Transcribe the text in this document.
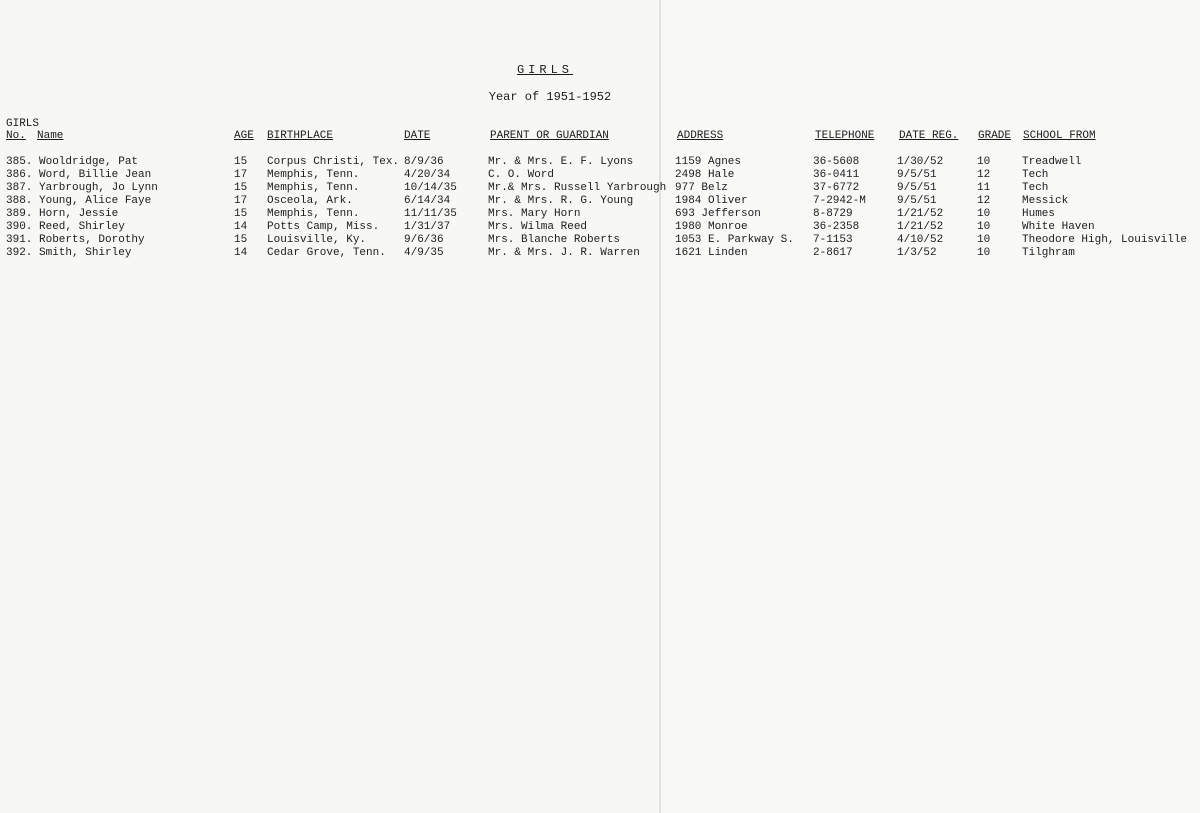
GIRLS
Year of 1951-1952
GIRLS
No. Name	AGE BIRTHPLACE	DATE	PARENT OR GUARDIAN	ADDRESS	TELEPHONE DATE REG. GRADE SCHOOL FROM
385. Wooldridge, Pat	15 Corpus Christi, Tex. 8/9/36	Mr. & Mrs. E. F. Lyons	1159 Agnes	36-5608	1/30/52	10	Treadwell
386. Word, Billie Jean	17 Memphis, Tenn.	4/20/34	C. O. Word	2498 Hale	36-0411	9/5/51	12	Tech
387. Yarbrough, Jo Lynn	15 Memphis, Tenn.	10/14/35	Mr.& Mrs. Russell Yarbrough 977 Belz	37-6772	9/5/51	11	Tech
388. Young, Alice Faye	17 Osceola, Ark.	6/14/34	Mr. & Mrs. R. G. Young	1984 Oliver	7-2942-M	9/5/51	12	Messick
389. Horn, Jessie	15 Memphis, Tenn.	11/11/35	Mrs. Mary Horn	693 Jefferson	8-8729	1/21/52	10	Humes
390. Reed, Shirley	14 Potts Camp, Miss. 1/31/37	Mrs. Wilma Reed	1980 Monroe	36-2358	1/21/52	10	White Haven
391. Roberts, Dorothy	15 Louisville, Ky.	9/6/36	Mrs. Blanche Roberts	1053 E. Parkway S. 7-1153	4/10/52	10	Theodore High, Louisville
392. Smith, Shirley	14 Cedar Grove, Tenn. 4/9/35	Mr. & Mrs. J. R. Warren	1621 Linden	2-8617	1/3/52	10	Tilghram
